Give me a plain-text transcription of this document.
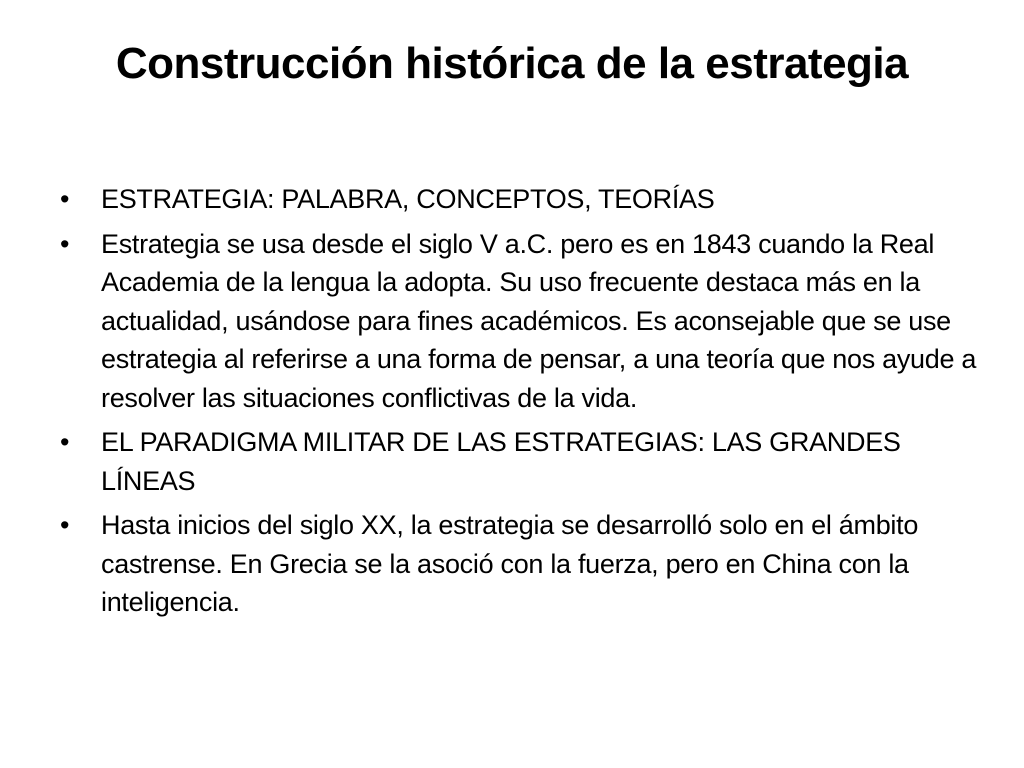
Construcción histórica de la estrategia
• ESTRATEGIA: PALABRA, CONCEPTOS, TEORÍAS
• Estrategia se usa desde el siglo V a.C. pero es en 1843 cuando la Real Academia de la lengua la adopta. Su uso frecuente destaca más en la actualidad, usándose para fines académicos. Es aconsejable que se use estrategia al referirse a una forma de pensar, a una teoría que nos ayude a resolver las situaciones conflictivas de la vida.
• EL PARADIGMA MILITAR DE LAS ESTRATEGIAS: LAS GRANDES LÍNEAS
• Hasta inicios del siglo XX, la estrategia se desarrolló solo en el ámbito castrense. En Grecia se la asoció con la fuerza, pero en China con la inteligencia.
